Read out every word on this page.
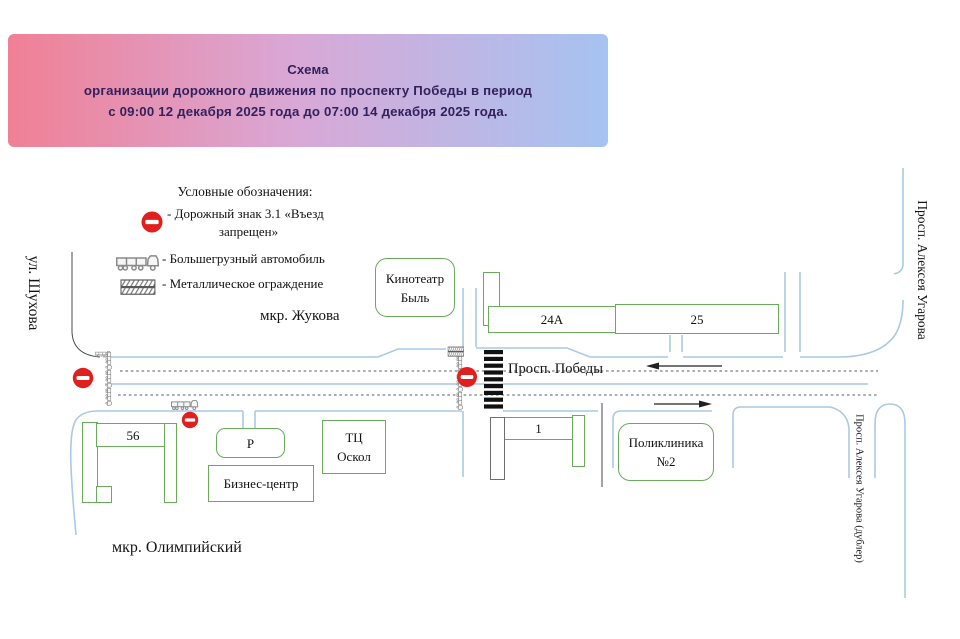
Схема
организации дорожного движения по проспекту Победы в период
с 09:00 12 декабря 2025 года до 07:00 14 декабря 2025 года.
Условные обозначения:
- Дорожный знак 3.1 «Въезд
запрещен»
- Большегрузный автомобиль
- Металлическое ограждение	Кинотеатр
Быль
24А	25
56
Р
Бизнес-центр
ТЦ
Оскол
1
Поликлиника
№2
Просп. Победы
мкр. Жукова
мкр. Олимпийский
ул. Шухова	Просп. Алексея Угарова
Просп. Алексея Угарова (дублер)
